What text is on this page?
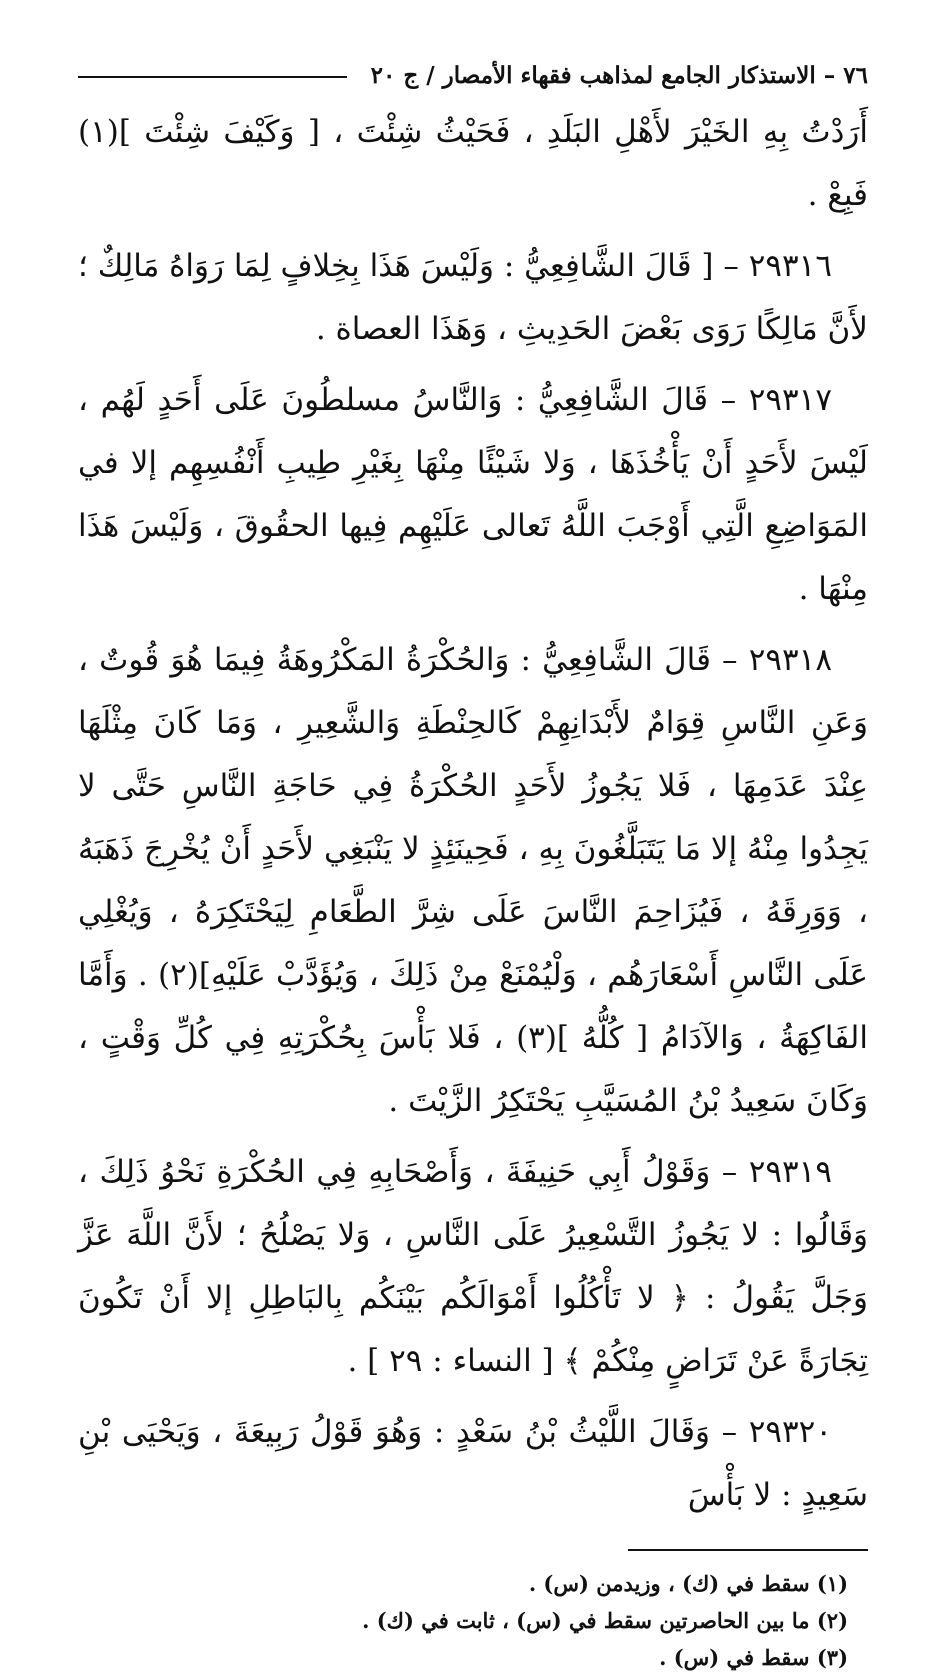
٧٦ – الاستذكار الجامع لمذاهب فقهاء الأمصار / ج ٢٠

أَرَدْتُ بِهِ الخَيْرَ لأَهْلِ البَلَدِ ، فَحَيْثُ شِئْتَ ، [ وَكَيْفَ شِئْتَ ](١) فَبِعْ .

٢٩٣١٦ – [ قَالَ الشَّافِعِيُّ : وَلَيْسَ هَذَا بِخِلافٍ لِمَا رَوَاهُ مَالِكٌ ؛ لأَنَّ مَالِكًا رَوَى بَعْضَ الحَدِيثِ ، وَهَذَا العصاة .

٢٩٣١٧ – قَالَ الشَّافِعِيُّ : وَالنَّاسُ مسلطُونَ عَلَى أَحَدٍ لَهُم ، لَيْسَ لأَحَدٍ أَنْ يَأْخُذَهَا ، وَلا شَيْئًا مِنْهَا بِغَيْرِ طِيبِ أَنْفُسِهِم إلا في المَوَاضِعِ الَّتِي أَوْجَبَ اللَّهُ تَعالى عَلَيْهِم فِيها الحقُوقَ ، وَلَيْسَ هَذَا مِنْهَا .

٢٩٣١٨ – قَالَ الشَّافِعِيُّ : وَالحُكْرَةُ المَكْرُوهَةُ فِيمَا هُوَ قُوتٌ ، وَعَنِ النَّاسِ قِوَامٌ لأَبْدَانِهِمْ كَالحِنْطَةِ وَالشَّعِيرِ ، وَمَا كَانَ مِثْلَهَا عِنْدَ عَدَمِهَا ، فَلا يَجُوزُ لأَحَدٍ الحُكْرَةُ فِي حَاجَةِ النَّاسِ حَتَّى لا يَجِدُوا مِنْهُ إلا مَا يَتَبَلَّغُونَ بِهِ ، فَحِينَئِذٍ لا يَنْبَغِي لأَحَدٍ أَنْ يُخْرِجَ ذَهَبَهُ ، وَوَرِقَهُ ، فَيُزَاحِمَ النَّاسَ عَلَى شِرَّ الطَّعَامِ لِيَحْتَكِرَهُ ، وَيُغْلِي عَلَى النَّاسِ أَسْعَارَهُم ، وَلْيُمْنَعْ مِنْ ذَلِكَ ، وَيُؤَدَّبْ عَلَيْهِ](٢) . وَأَمَّا الفَاكِهَةُ ، وَالآدَامُ [ كُلُّهُ ](٣) ، فَلا بَأْسَ بِحُكْرَتِهِ فِي كُلِّ وَقْتٍ ، وَكَانَ سَعِيدُ بْنُ المُسَيَّبِ يَحْتَكِرُ الزَّيْتَ .

٢٩٣١٩ – وَقَوْلُ أَبِي حَنِيفَةَ ، وَأَصْحَابِهِ فِي الحُكْرَةِ نَحْوُ ذَلِكَ ، وَقَالُوا : لا يَجُوزُ التَّسْعِيرُ عَلَى النَّاسِ ، وَلا يَصْلُحُ ؛ لأَنَّ اللَّهَ عَزَّ وَجَلَّ يَقُولُ : ﴿ لا تَأْكُلُوا أَمْوَالَكُم بَيْنَكُم بِالبَاطِلِ إلا أَنْ تَكُونَ تِجَارَةً عَنْ تَرَاضٍ مِنْكُمْ ﴾ [ النساء : ٢٩ ] .

٢٩٣٢٠ – وَقَالَ اللَّيْثُ بْنُ سَعْدٍ : وَهُوَ قَوْلُ رَبِيعَةَ ، وَيَحْيَى بْنِ سَعِيدٍ : لا بَأْسَ

(١) سقط في (ك) ، وزيدمن (س) .

(٢) ما بين الحاصرتين سقط في (س) ، ثابت في (ك) .

(٣) سقط في (س) .
